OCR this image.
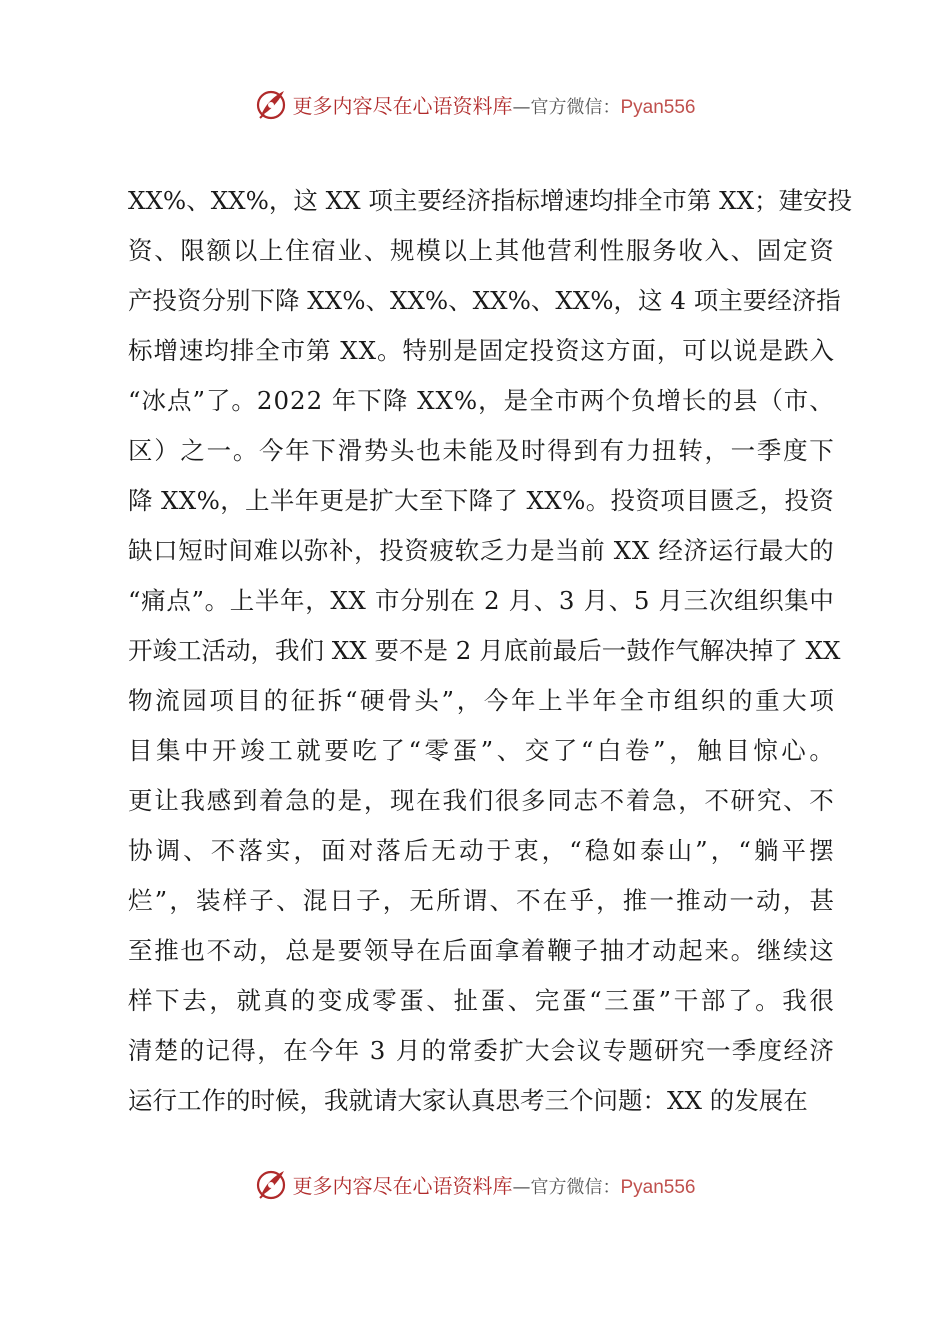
更多内容尽在心语资料库—官方微信：Pyan556
X X % 、 X X % ， 这
X X
项 主 要 经 济 指 标 增 速 均 排 全 市 第
X X ； 建 安 投
资 、 限 额 以 上 住 宿 业 、 规 模 以 上 其 他 营 利 性 服 务 收 入 、 固 定 资
产 投 资 分 别 下 降
X X % 、 X X % 、 X X % 、 X X % ， 这
4
项 主 要 经 济 指
标 增 速 均 排 全 市 第
X X 。 特 别 是 固 定 投 资 这 方 面 ， 可 以 说 是 跌 入
“ 冰 点 ” 了 。 2 0 2 2
年 下 降
X X % ， 是 全 市 两 个 负 增 长 的 县 （ 市 、
区 ） 之 一 。 今 年 下 滑 势 头 也 未 能 及 时 得 到 有 力 扭 转 ， 一 季 度 下
降
X X % ， 上 半 年 更 是 扩 大 至 下 降 了
X X % 。 投 资 项 目 匮 乏 ， 投 资
缺 口 短 时 间 难 以 弥 补 ， 投 资 疲 软 乏 力 是 当 前
X X
经 济 运 行 最 大 的
“ 痛 点 ” 。 上 半 年 ， X X
市 分 别 在
2
月 、 3
月 、 5
月 三 次 组 织 集 中
开 竣 工 活 动 ， 我 们
X X
要 不 是
2
月 底 前 最 后 一 鼓 作 气 解 决 掉 了
X X
物 流 园 项 目 的 征 拆 “ 硬 骨 头 ” ， 今 年 上 半 年 全 市 组 织 的 重 大 项
目 集 中 开 竣 工 就 要 吃 了 “ 零 蛋 ” 、 交 了 “ 白 卷 ” ， 触 目 惊 心 。
更 让 我 感 到 着 急 的 是 ， 现 在 我 们 很 多 同 志 不 着 急 ， 不 研 究 、 不
协 调 、 不 落 实 ， 面 对 落 后 无 动 于 衷 ， “ 稳 如 泰 山 ” ， “ 躺 平 摆
烂 ” ， 装 样 子 、 混 日 子 ， 无 所 谓 、 不 在 乎 ， 推 一 推 动 一 动 ， 甚
至 推 也 不 动 ， 总 是 要 领 导 在 后 面 拿 着 鞭 子 抽 才 动 起 来 。 继 续 这
样 下 去 ， 就 真 的 变 成 零 蛋 、 扯 蛋 、 完 蛋 “ 三 蛋 ” 干 部 了 。 我 很
清 楚 的 记 得 ， 在 今 年
3
月 的 常 委 扩 大 会 议 专 题 研 究 一 季 度 经 济
运 行 工 作 的 时 候 ， 我 就 请 大 家 认 真 思 考 三 个 问 题 ： X X
的 发 展 在
更多内容尽在心语资料库—官方微信：Pyan556
